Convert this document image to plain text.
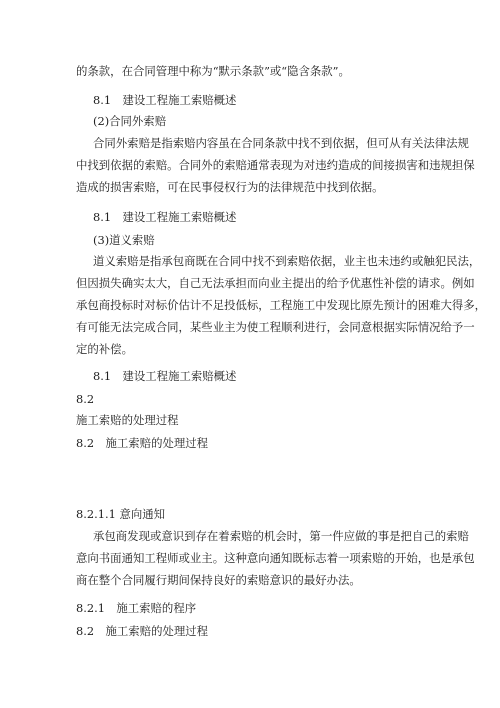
的条款，在合同管理中称为“默示条款”或“隐含条款”。
8.1　建设工程施工索赔概述
(2)合同外索赔
合同外索赔是指索赔内容虽在合同条款中找不到依据，但可从有关法律法规
中找到依据的索赔。合同外的索赔通常表现为对违约造成的间接损害和违规担保
造成的损害索赔，可在民事侵权行为的法律规范中找到依据。
8.1　建设工程施工索赔概述
(3)道义索赔
道义索赔是指承包商既在合同中找不到索赔依据，业主也未违约或触犯民法，
但因损失确实太大，自己无法承担而向业主提出的给予优惠性补偿的请求。例如
承包商投标时对标价估计不足投低标，工程施工中发现比原先预计的困难大得多，
有可能无法完成合同，某些业主为使工程顺利进行，会同意根据实际情况给予一
定的补偿。
8.1　建设工程施工索赔概述
8.2
施工索赔的处理过程
8.2　施工索赔的处理过程
8.2.1.1 意向通知
承包商发现或意识到存在着索赔的机会时，第一件应做的事是把自己的索赔
意向书面通知工程师或业主。这种意向通知既标志着一项索赔的开始，也是承包
商在整个合同履行期间保持良好的索赔意识的最好办法。
8.2.1　施工索赔的程序
8.2　施工索赔的处理过程
